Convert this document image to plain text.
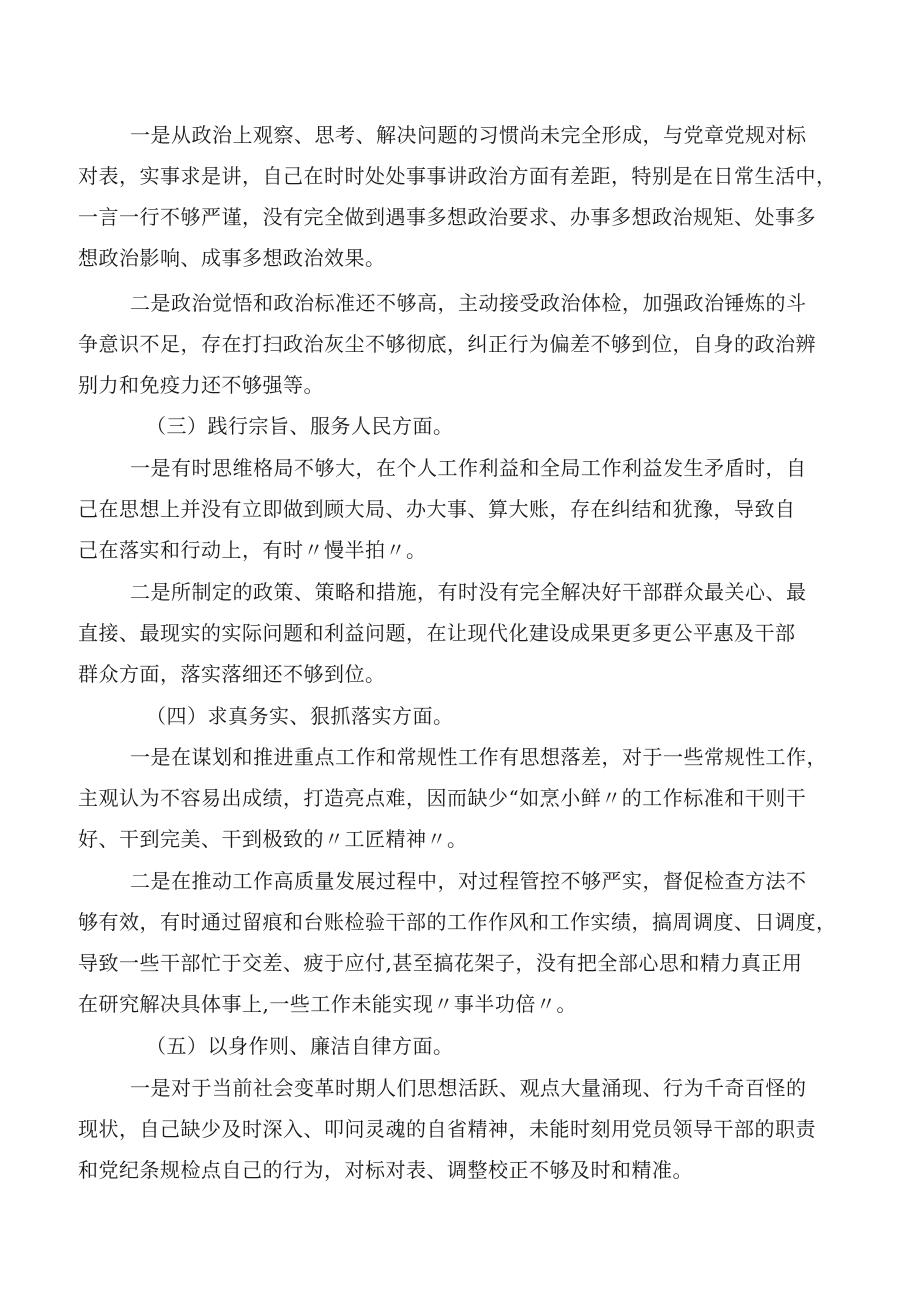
一是从政治上观察、思考、解决问题的习惯尚未完全形成，与党章党规对标
对表，实事求是讲，自己在时时处处事事讲政治方面有差距，特别是在日常生活中，
一言一行不够严谨，没有完全做到遇事多想政治要求、办事多想政治规矩、处事多
想政治影响、成事多想政治效果。
二是政治觉悟和政治标准还不够高，主动接受政治体检，加强政治锤炼的斗
争意识不足，存在打扫政治灰尘不够彻底，纠正行为偏差不够到位，自身的政治辨
别力和免疫力还不够强等。
（三）践行宗旨、服务人民方面。
一是有时思维格局不够大，在个人工作利益和全局工作利益发生矛盾时，自
己在思想上并没有立即做到顾大局、办大事、算大账，存在纠结和犹豫，导致自
己在落实和行动上，有时〃慢半拍〃。
二是所制定的政策、策略和措施，有时没有完全解决好干部群众最关心、最
直接、最现实的实际问题和利益问题，在让现代化建设成果更多更公平惠及干部
群众方面，落实落细还不够到位。
（四）求真务实、狠抓落实方面。
一是在谋划和推进重点工作和常规性工作有思想落差，对于一些常规性工作，
主观认为不容易出成绩，打造亮点难，因而缺少“如烹小鲜〃的工作标准和干则干
好、干到完美、干到极致的〃工匠精神〃。
二是在推动工作高质量发展过程中，对过程管控不够严实，督促检查方法不
够有效，有时通过留痕和台账检验干部的工作作风和工作实绩，搞周调度、日调度，
导致一些干部忙于交差、疲于应付,甚至搞花架子，没有把全部心思和精力真正用
在研究解决具体事上,一些工作未能实现〃事半功倍〃。
（五）以身作则、廉洁自律方面。
一是对于当前社会变革时期人们思想活跃、观点大量涌现、行为千奇百怪的
现状，自己缺少及时深入、叩问灵魂的自省精神，未能时刻用党员领导干部的职责
和党纪条规检点自己的行为，对标对表、调整校正不够及时和精准。
